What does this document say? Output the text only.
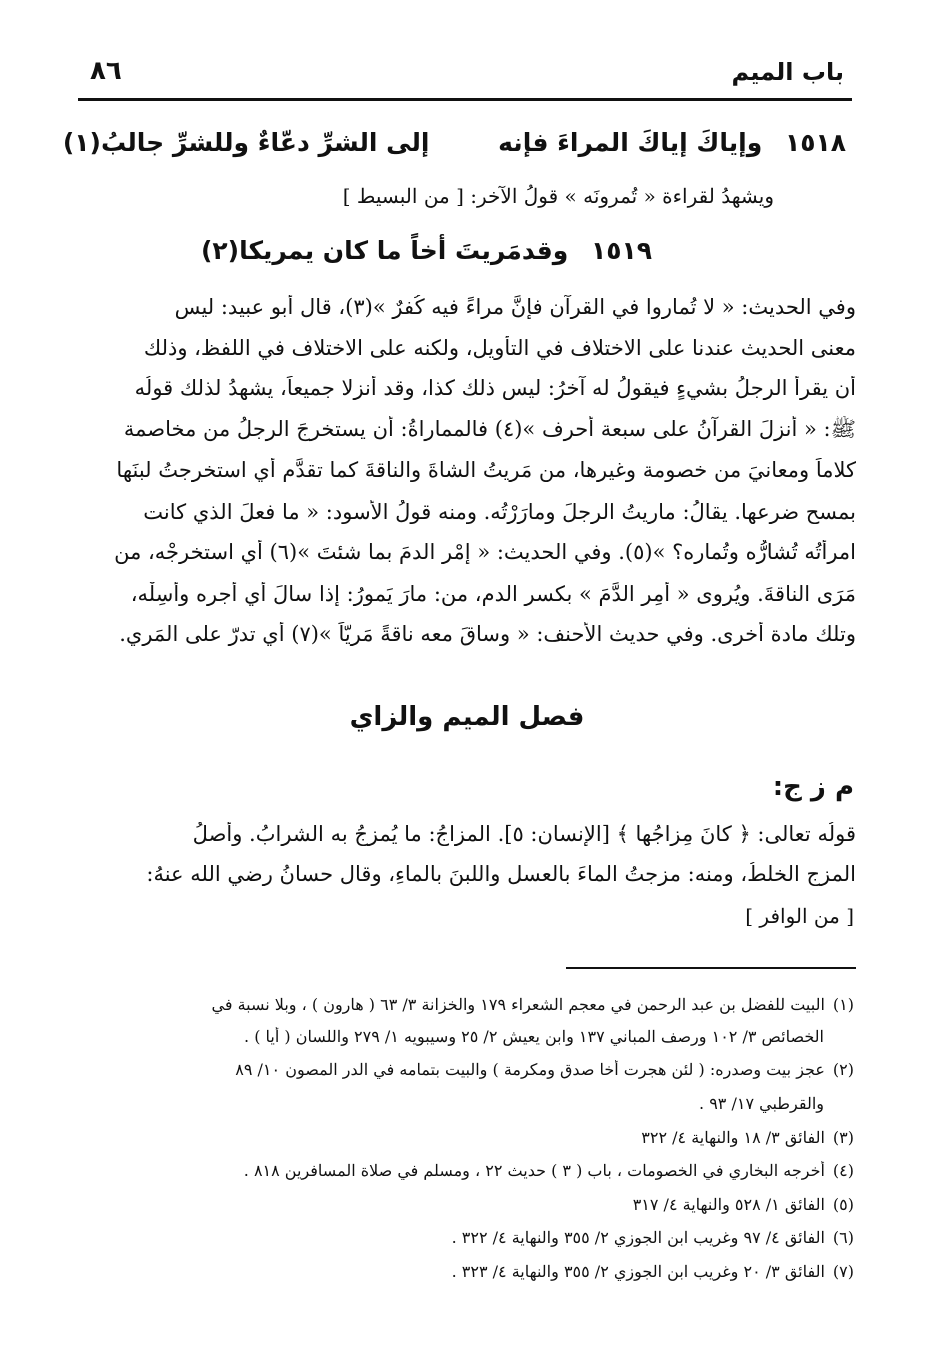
باب الميم
٨٦
١٥١٨ وإياكَ إياكَ المراءَ فإنه إلى الشرِّ دعّاءٌ وللشرِّ جالبُ(١)
ويشهدُ لقراءة « تُمرونَه » قولُ الآخرِ: [ من البسيط ]
١٥١٩ وقدمَريتَ أخاً ما كان يمريكا(٢)
وفي الحديث: « لا تُماروا في القرآن فإنَّ مراءً فيه كُفرٌ »(٣)، قال أبو عبيد: ليس
معنى الحديث عندنا على الاختلاف في التأويل، ولكنه على الاختلاف في اللفظ، وذلك
أن يقرأ الرجلُ بشيءٍ فيقولُ له آخرُ: ليس ذلك كذا، وقد أنزلا جميعاً، يشهدُ لذلك قولُه
ﷺ: « أُنزلَ القرآنُ على سبعة أحرف »(٤) فالمماراةُ: أن يستخرجَ الرجلُ من مخاصمة
كلاماً ومعانيَ من خصومة وغيرها، من مَريتُ الشاةَ والناقةَ كما تقدَّم أي استخرجتُ لبنَها
بمسح ضرعها. يقالُ: ماريتُ الرجلَ ومارَرْتُه. ومنه قولُ الأسود: « ما فعلَ الذي كانت
امرأتُه تُشارُّه وتُماره؟ »(٥). وفي الحديث: « إمْرِ الدمَ بما شئتَ »(٦) أي استخرجْه، من
مَرَى الناقةَ. ويُروى « أمِرِ الدَّمَ » بكسر الدم، من: مارَ يَمورُ: إذا سالَ أي أجرِه وأسِلْه،
وتلك مادة أخرى. وفي حديث الأحنف: « وساقَ معه ناقةً مَرِيّاً »(٧) أي تدرّ على المَري.
فصل الميم والزاي
م ز ج:
قولُه تعالى: ﴿ كانَ مِزاجُها ﴾ [الإنسان: ٥]. المزاجُ: ما يُمزجُ به الشرابُ. وأصلُ
المزجِ الخلطُ، ومنه: مزجتُ الماءَ بالعسلِ واللبنَ بالماءِ، وقال حسانُ رضي الله عنهُ:
[ من الوافر ]
(١)البيت للفضل بن عبد الرحمن في معجم الشعراء ١٧٩ والخزانة ٣/ ٦٣ ( هارون ) ، وبلا نسبة في
الخصائص ٣/ ١٠٢ ورصف المباني ١٣٧ وابن يعيش ٢/ ٢٥ وسيبويه ١/ ٢٧٩ واللسان ( أيا ) .
(٢)عجز بيت وصدره: ( لئن هجرت أخا صدق ومكرمة ) والبيت بتمامه في الدر المصون ١٠/ ٨٩
والقرطبي ١٧/ ٩٣ .
(٣)الفائق ٣/ ١٨ والنهاية ٤/ ٣٢٢
(٤)أخرجه البخاري في الخصومات ، باب ( ٣ ) حديث ٢٢ ، ومسلم في صلاة المسافرين ٨١٨ .
(٥)الفائق ١/ ٥٢٨ والنهاية ٤/ ٣١٧
(٦)الفائق ٤/ ٩٧ وغريب ابن الجوزي ٢/ ٣٥٥ والنهاية ٤/ ٣٢٢ .
(٧)الفائق ٣/ ٢٠ وغريب ابن الجوزي ٢/ ٣٥٥ والنهاية ٤/ ٣٢٣ .
